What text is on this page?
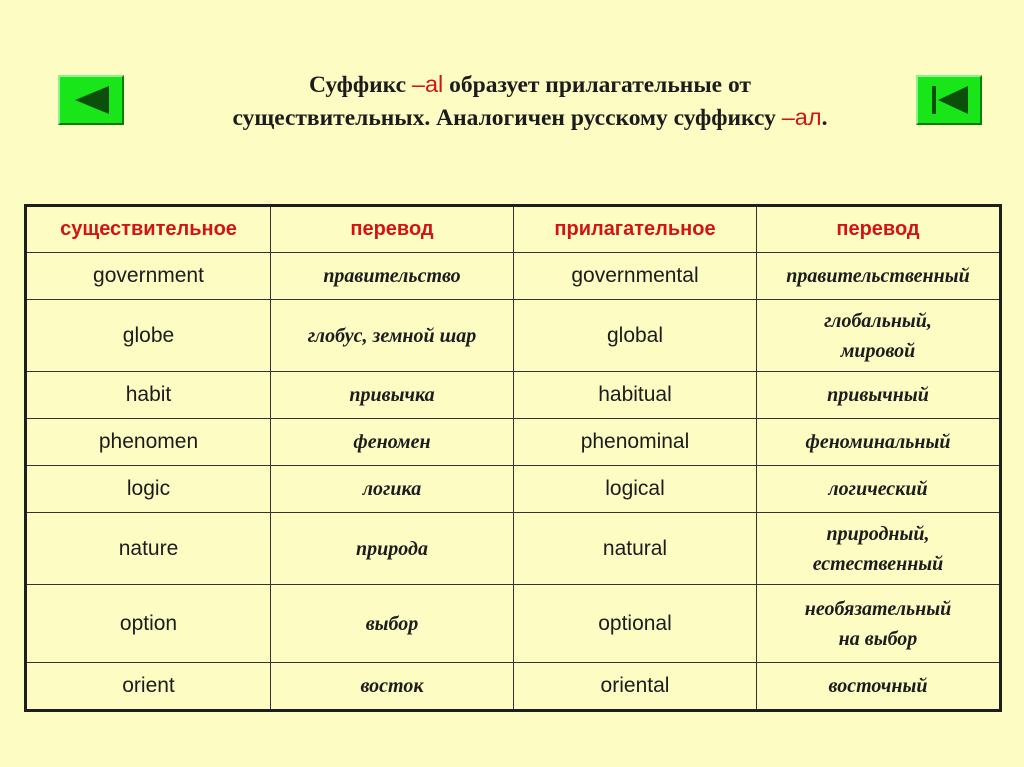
Суффикс –al образует прилагательные от
существительных. Аналогичен русскому суффиксу –ал.
существительное	перевод	прилагательное	перевод
government	правительство	governmental	правительственный

globe	глобус, земной шар	global	глобальный,
мировой

habit	привычка	habitual	привычный

phenomen	феномен	phenominal	феноминальный

logic	логика	logical	логический

nature	природа	natural	природный,
естественный

option	выбор	optional	необязательный
на выбор

orient	восток	oriental	восточный
